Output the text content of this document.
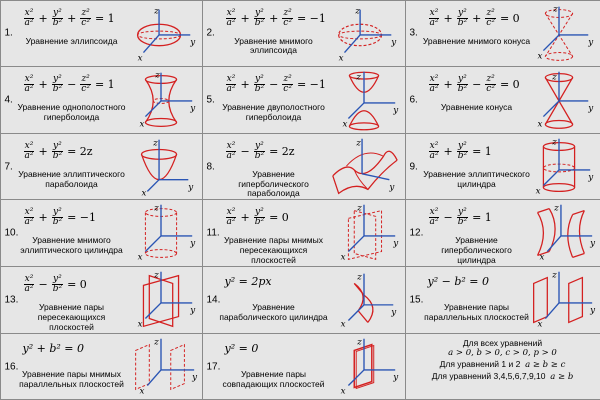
1.
$\frac{\text{x²}}{\text{a²}} + \frac{\text{y²}}{\text{b²}} + \frac{\text{z²}}{\text{c²}} = 1$
Уравнение эллипсоида
z
y
x
2.
$\frac{\text{x²}}{\text{a²}} + \frac{\text{y²}}{\text{b²}} + \frac{\text{z²}}{\text{c²}} = -1$
Уравнение мнимого эллипсоида
z
y
x
3.
$\frac{\text{x²}}{\text{a²}} + \frac{\text{y²}}{\text{b²}} + \frac{\text{z²}}{\text{c²}} = 0$
Уравнение мнимого конуса
z
y
x
4.
$\frac{\text{x²}}{\text{a²}} + \frac{\text{y²}}{\text{b²}} - \frac{\text{z²}}{\text{c²}} = 1$
Уравнение однополостного гиперболоида
z
y
x
5.
$\frac{\text{x²}}{\text{a²}} + \frac{\text{y²}}{\text{b²}} - \frac{\text{z²}}{\text{c²}} = -1$
Уравнение двуполостного гиперболоида
z
y
x
6.
$\frac{\text{x²}}{\text{a²}} + \frac{\text{y²}}{\text{b²}} - \frac{\text{z²}}{\text{c²}} = 0$
Уравнение конуса
z
y
x
7.
$\frac{\text{x²}}{\text{a²}} + \frac{\text{y²}}{\text{b²}} = 2z$
Уравнение эллиптического параболоида
z
y
x
8.
$\frac{\text{x²}}{\text{a²}} - \frac{\text{y²}}{\text{b²}} = 2z$
Уравнение гиперболического параболоида
z
y
9.
$\frac{\text{x²}}{\text{a²}} + \frac{\text{y²}}{\text{b²}} = 1$
Уравнение эллиптического цилиндра
z
y
x
10.
$\frac{\text{x²}}{\text{a²}} + \frac{\text{y²}}{\text{b²}} = -1$
Уравнение мнимого эллиптического цилиндра
z
y
x
11.
$\frac{\text{x²}}{\text{a²}} + \frac{\text{y²}}{\text{b²}} = 0$
Уравнение пары мнимых пересекающихся плоскостей
z
y
x
12.
$\frac{\text{x²}}{\text{a²}} - \frac{\text{y²}}{\text{b²}} = 1$
Уравнение гиперболического цилиндра
z
y
x
13.
$\frac{\text{x²}}{\text{a²}} - \frac{\text{y²}}{\text{b²}} = 0$
Уравнение пары пересекающихся плоскостей
z
y
x
14.
y² = 2px
Уравнение параболического цилиндра
z
y
x
15.
y² − b² = 0
Уравнение пары параллельных плоскостей
z
y
x
16.
y² + b² = 0
Уравнение пары мнимых параллельных плоскостей
z
y
x
17.
y² = 0
Уравнение пары совпадающих плоскостей
z
y
x
Для всех уравнений
a > 0, b > 0, c > 0, p > 0
Для уравнений 1 и 2 a ≥ b ≥ c
Для уравнений 3,4,5,6,7,9,10 a ≥ b
